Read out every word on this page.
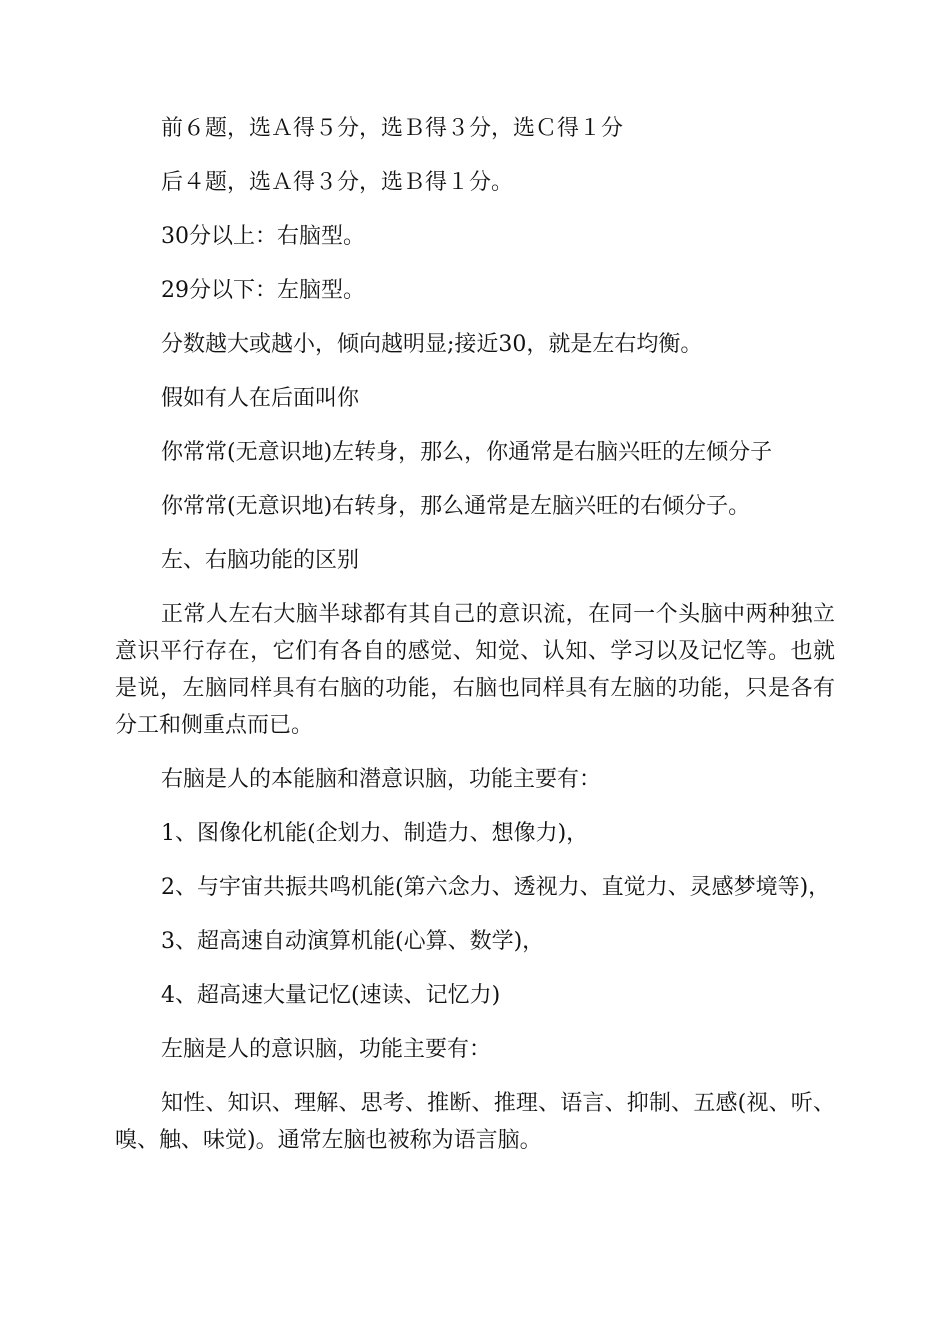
前６题，选Ａ得５分，选Ｂ得３分，选Ｃ得１分

后４题，选Ａ得３分，选Ｂ得１分。

30分以上：右脑型。

29分以下：左脑型。

分数越大或越小，倾向越明显;接近30，就是左右均衡。

假如有人在后面叫你

你常常(无意识地)左转身，那么，你通常是右脑兴旺的左倾分子

你常常(无意识地)右转身，那么通常是左脑兴旺的右倾分子。

左、右脑功能的区别

正常人左右大脑半球都有其自己的意识流，在同一个头脑中两种独立意识平行存在，它们有各自的感觉、知觉、认知、学习以及记忆等。也就是说，左脑同样具有右脑的功能，右脑也同样具有左脑的功能，只是各有分工和侧重点而已。

右脑是人的本能脑和潜意识脑，功能主要有：

1、图像化机能(企划力、制造力、想像力)，

2、与宇宙共振共鸣机能(第六念力、透视力、直觉力、灵感梦境等)，

3、超高速自动演算机能(心算、数学)，

4、超高速大量记忆(速读、记忆力)

左脑是人的意识脑，功能主要有：

知性、知识、理解、思考、推断、推理、语言、抑制、五感(视、听、嗅、触、味觉)。通常左脑也被称为语言脑。
